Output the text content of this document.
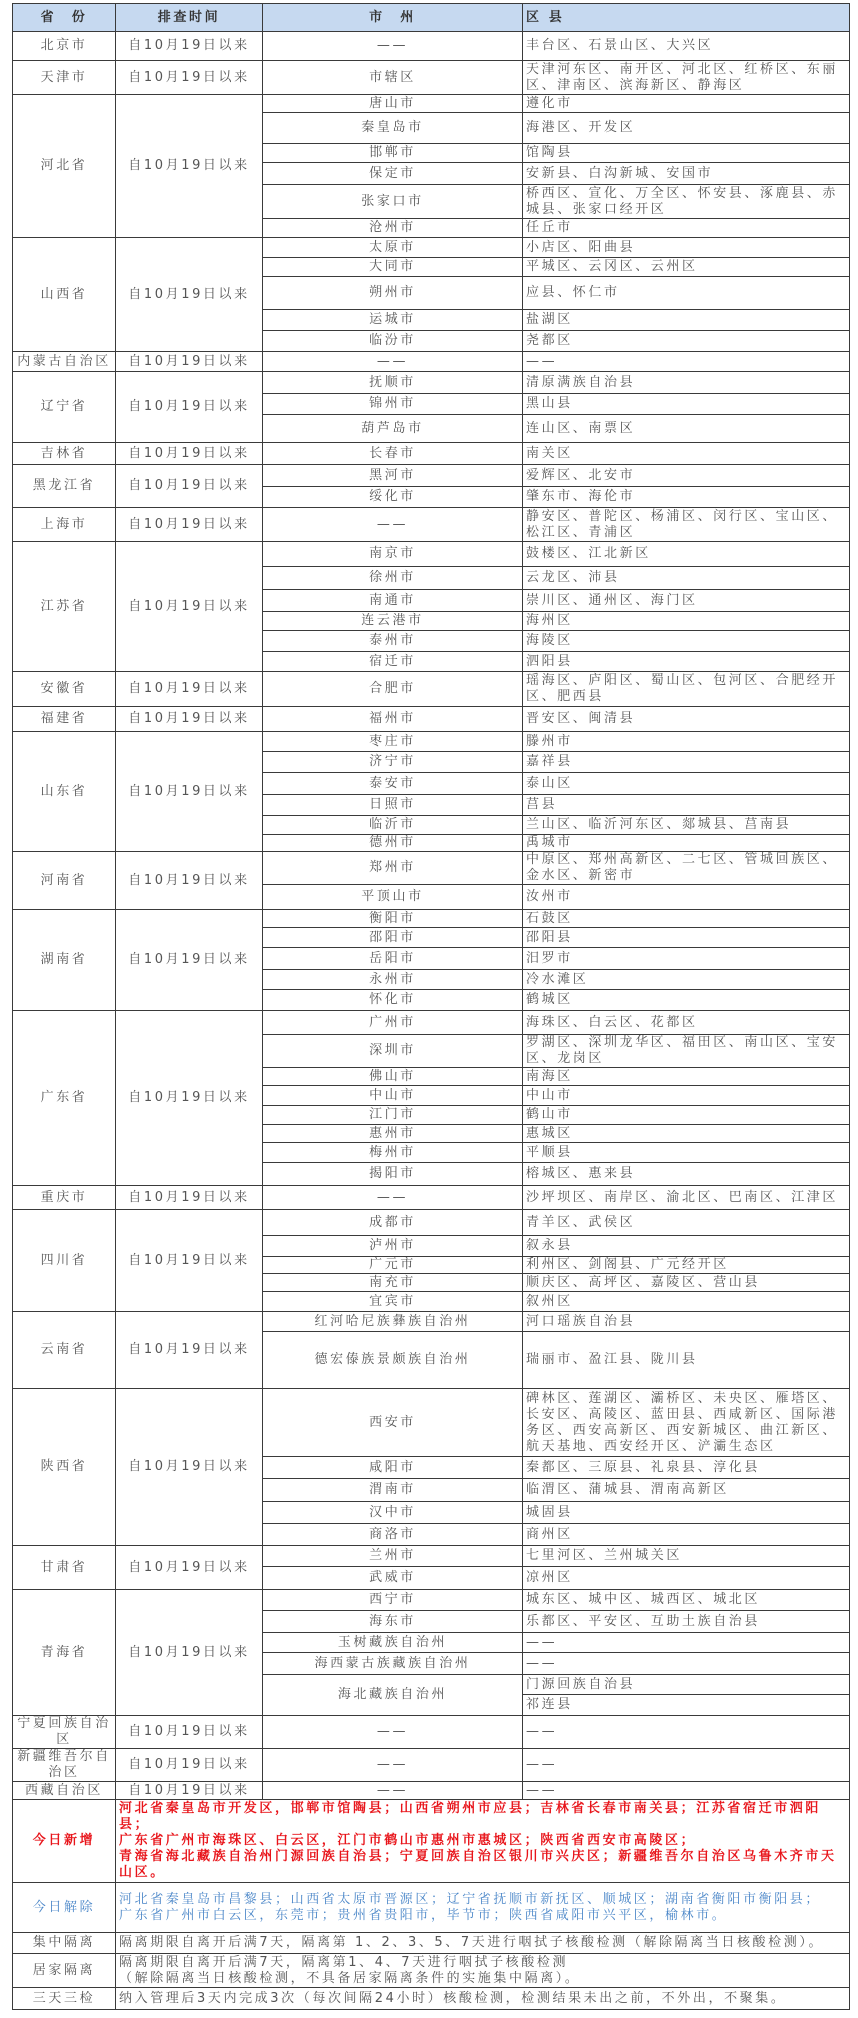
省　份	排查时间	市　州	区 县
北京市	自10月19日以来	——	丰台区、石景山区、大兴区
天津市	自10月19日以来	市辖区	天津河东区、南开区、河北区、红桥区、东丽区、津南区、滨海新区、静海区
河北省	自10月19日以来	唐山市	遵化市
		秦皇岛市	海港区、开发区
		邯郸市	馆陶县
		保定市	安新县、白沟新城、安国市
		张家口市	桥西区、宣化、万全区、怀安县、涿鹿县、赤城县、张家口经开区
		沧州市	任丘市
山西省	自10月19日以来	太原市	小店区、阳曲县
		大同市	平城区、云冈区、云州区
		朔州市	应县、怀仁市
		运城市	盐湖区
		临汾市	尧都区
内蒙古自治区	自10月19日以来	——	——
辽宁省	自10月19日以来	抚顺市	清原满族自治县
		锦州市	黑山县
		葫芦岛市	连山区、南票区
吉林省	自10月19日以来	长春市	南关区
黑龙江省	自10月19日以来	黑河市	爱辉区、北安市
		绥化市	肇东市、海伦市
上海市	自10月19日以来	——	静安区、普陀区、杨浦区、闵行区、宝山区、松江区、青浦区
江苏省	自10月19日以来	南京市	鼓楼区、江北新区
		徐州市	云龙区、沛县
		南通市	崇川区、通州区、海门区
		连云港市	海州区
		泰州市	海陵区
		宿迁市	泗阳县
安徽省	自10月19日以来	合肥市	瑶海区、庐阳区、蜀山区、包河区、合肥经开区、肥西县
福建省	自10月19日以来	福州市	晋安区、闽清县
山东省	自10月19日以来	枣庄市	滕州市
		济宁市	嘉祥县
		泰安市	泰山区
		日照市	莒县
		临沂市	兰山区、临沂河东区、郯城县、莒南县
		德州市	禹城市
河南省	自10月19日以来	郑州市	中原区、郑州高新区、二七区、管城回族区、金水区、新密市
		平顶山市	汝州市
湖南省	自10月19日以来	衡阳市	石鼓区
		邵阳市	邵阳县
		岳阳市	汨罗市
		永州市	冷水滩区
		怀化市	鹤城区
广东省	自10月19日以来	广州市	海珠区、白云区、花都区
		深圳市	罗湖区、深圳龙华区、福田区、南山区、宝安区、龙岗区
		佛山市	南海区
		中山市	中山市
		江门市	鹤山市
		惠州市	惠城区
		梅州市	平顺县
		揭阳市	榕城区、惠来县
重庆市	自10月19日以来	——	沙坪坝区、南岸区、渝北区、巴南区、江津区
四川省	自10月19日以来	成都市	青羊区、武侯区
		泸州市	叙永县
		广元市	利州区、剑阁县、广元经开区
		南充市	顺庆区、高坪区、嘉陵区、营山县
		宜宾市	叙州区
云南省	自10月19日以来	红河哈尼族彝族自治州	河口瑶族自治县
		德宏傣族景颇族自治州	瑞丽市、盈江县、陇川县
陕西省	自10月19日以来	西安市	碑林区、莲湖区、灞桥区、未央区、雁塔区、长安区、高陵区、蓝田县、西咸新区、国际港务区、西安高新区、西安新城区、曲江新区、航天基地、西安经开区、浐灞生态区
		咸阳市	秦都区、三原县、礼泉县、淳化县
		渭南市	临渭区、蒲城县、渭南高新区
		汉中市	城固县
		商洛市	商州区
甘肃省	自10月19日以来	兰州市	七里河区、兰州城关区
		武威市	凉州区
青海省	自10月19日以来	西宁市	城东区、城中区、城西区、城北区
		海东市	乐都区、平安区、互助土族自治县
		玉树藏族自治州	——
		海西蒙古族藏族自治州	——
		海北藏族自治州	门源回族自治县
			祁连县
宁夏回族自治区	自10月19日以来	——	——
新疆维吾尔自治区	自10月19日以来	——	——
西藏自治区	自10月19日以来	——	——
今日新增	河北省秦皇岛市开发区，邯郸市馆陶县；山西省朔州市应县；吉林省长春市南关县；江苏省宿迁市泗阳县；
广东省广州市海珠区、白云区，江门市鹤山市惠州市惠城区；陕西省西安市高陵区；
青海省海北藏族自治州门源回族自治县；宁夏回族自治区银川市兴庆区；新疆维吾尔自治区乌鲁木齐市天山区。		

今日解除	河北省秦皇岛市昌黎县；山西省太原市晋源区；辽宁省抚顺市新抚区、顺城区；湖南省衡阳市衡阳县；
广东省广州市白云区，东莞市；贵州省贵阳市，毕节市；陕西省咸阳市兴平区，榆林市。		

集中隔离	隔离期限自离开后满7天，隔离第 1、2、3、5、7天进行咽拭子核酸检测（解除隔离当日核酸检测）。		

居家隔离	隔离期限自离开后满7天，隔离第1、4、7天进行咽拭子核酸检测
（解除隔离当日核酸检测，不具备居家隔离条件的实施集中隔离）。		

三天三检	纳入管理后3天内完成3次（每次间隔24小时）核酸检测，检测结果未出之前，不外出，不聚集。		
